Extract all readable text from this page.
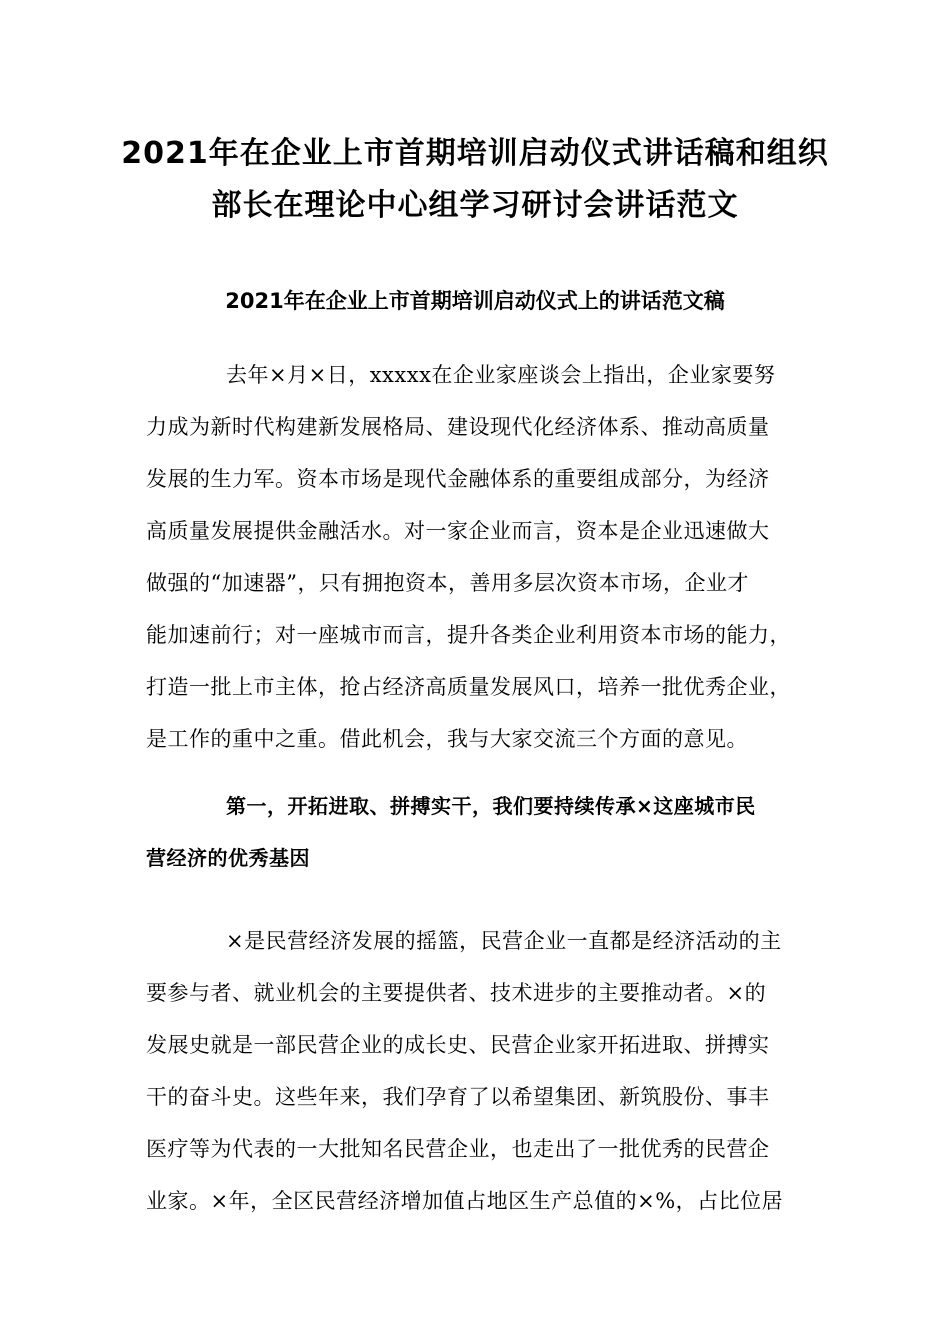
2021年在企业上市首期培训启动仪式讲话稿和组织
部长在理论中心组学习研讨会讲话范文
2021年在企业上市首期培训启动仪式上的讲话范文稿
去年×月×日，xxxxx在企业家座谈会上指出，企业家要努
力成为新时代构建新发展格局、建设现代化经济体系、推动高质量
发展的生力军。资本市场是现代金融体系的重要组成部分，为经济
高质量发展提供金融活水。对一家企业而言，资本是企业迅速做大
做强的“加速器”，只有拥抱资本，善用多层次资本市场，企业才
能加速前行；对一座城市而言，提升各类企业利用资本市场的能力，
打造一批上市主体，抢占经济高质量发展风口，培养一批优秀企业，
是工作的重中之重。借此机会，我与大家交流三个方面的意见。
第一，开拓进取、拼搏实干，我们要持续传承×这座城市民
营经济的优秀基因
×是民营经济发展的摇篮，民营企业一直都是经济活动的主
要参与者、就业机会的主要提供者、技术进步的主要推动者。×的
发展史就是一部民营企业的成长史、民营企业家开拓进取、拼搏实
干的奋斗史。这些年来，我们孕育了以希望集团、新筑股份、事丰
医疗等为代表的一大批知名民营企业，也走出了一批优秀的民营企
业家。×年，全区民营经济增加值占地区生产总值的×%，占比位居
